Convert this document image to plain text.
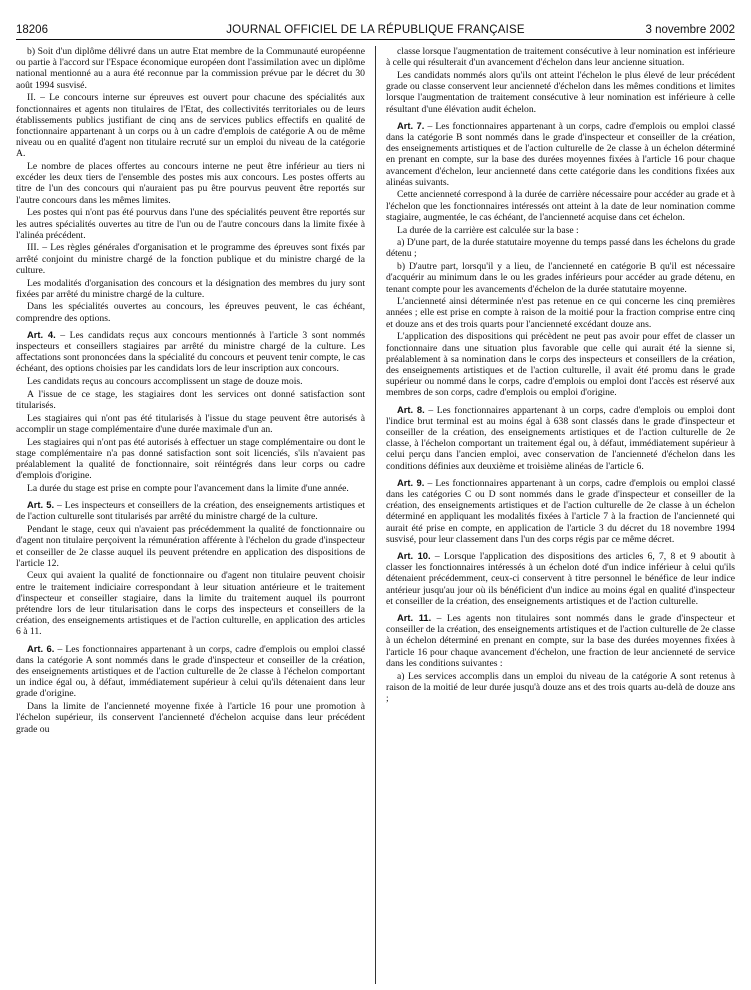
18206	JOURNAL OFFICIEL DE LA RÉPUBLIQUE FRANÇAISE	3 novembre 2002

b) Soit d'un diplôme délivré dans un autre Etat membre de la Communauté européenne ou partie à l'accord sur l'Espace économique européen dont l'assimilation avec un diplôme national mentionné au a aura été reconnue par la commission prévue par le décret du 30 août 1994 susvisé.

II. – Le concours interne sur épreuves est ouvert pour chacune des spécialités aux fonctionnaires et agents non titulaires de l'Etat, des collectivités territoriales ou de leurs établissements publics justifiant de cinq ans de services publics effectifs en qualité de fonctionnaire appartenant à un corps ou à un cadre d'emplois de catégorie A ou de même niveau ou en qualité d'agent non titulaire recruté sur un emploi du niveau de la catégorie A.

Le nombre de places offertes au concours interne ne peut être inférieur au tiers ni excéder les deux tiers de l'ensemble des postes mis aux concours. Les postes offerts au titre de l'un des concours qui n'auraient pas pu être pourvus peuvent être reportés sur l'autre concours dans les mêmes limites.

Les postes qui n'ont pas été pourvus dans l'une des spécialités peuvent être reportés sur les autres spécialités ouvertes au titre de l'un ou de l'autre concours dans la limite fixée à l'alinéa précédent.

III. – Les règles générales d'organisation et le programme des épreuves sont fixés par arrêté conjoint du ministre chargé de la fonction publique et du ministre chargé de la culture.

Les modalités d'organisation des concours et la désignation des membres du jury sont fixées par arrêté du ministre chargé de la culture.

Dans les spécialités ouvertes au concours, les épreuves peuvent, le cas échéant, comprendre des options.

Art. 4. – Les candidats reçus aux concours mentionnés à l'article 3 sont nommés inspecteurs et conseillers stagiaires par arrêté du ministre chargé de la culture. Les affectations sont prononcées dans la spécialité du concours et peuvent tenir compte, le cas échéant, des options choisies par les candidats lors de leur inscription aux concours.

Les candidats reçus au concours accomplissent un stage de douze mois.

A l'issue de ce stage, les stagiaires dont les services ont donné satisfaction sont titularisés.

Les stagiaires qui n'ont pas été titularisés à l'issue du stage peuvent être autorisés à accomplir un stage complémentaire d'une durée maximale d'un an.

Les stagiaires qui n'ont pas été autorisés à effectuer un stage complémentaire ou dont le stage complémentaire n'a pas donné satisfaction sont soit licenciés, s'ils n'avaient pas préalablement la qualité de fonctionnaire, soit réintégrés dans leur corps ou cadre d'emplois d'origine.

La durée du stage est prise en compte pour l'avancement dans la limite d'une année.

Art. 5. – Les inspecteurs et conseillers de la création, des enseignements artistiques et de l'action culturelle sont titularisés par arrêté du ministre chargé de la culture.

Pendant le stage, ceux qui n'avaient pas précédemment la qualité de fonctionnaire ou d'agent non titulaire perçoivent la rémunération afférente à l'échelon du grade d'inspecteur et conseiller de 2e classe auquel ils peuvent prétendre en application des dispositions de l'article 12.

Ceux qui avaient la qualité de fonctionnaire ou d'agent non titulaire peuvent choisir entre le traitement indiciaire correspondant à leur situation antérieure et le traitement d'inspecteur et conseiller stagiaire, dans la limite du traitement auquel ils pourront prétendre lors de leur titularisation dans le corps des inspecteurs et conseillers de la création, des enseignements artistiques et de l'action culturelle, en application des articles 6 à 11.

Art. 6. – Les fonctionnaires appartenant à un corps, cadre d'emplois ou emploi classé dans la catégorie A sont nommés dans le grade d'inspecteur et conseiller de la création, des enseignements artistiques et de l'action culturelle de 2e classe à l'échelon comportant un indice égal ou, à défaut, immédiatement supérieur à celui qu'ils détenaient dans leur grade d'origine.

Dans la limite de l'ancienneté moyenne fixée à l'article 16 pour une promotion à l'échelon supérieur, ils conservent l'ancienneté d'échelon acquise dans leur précédent grade ou

classe lorsque l'augmentation de traitement consécutive à leur nomination est inférieure à celle qui résulterait d'un avancement d'échelon dans leur ancienne situation.

Les candidats nommés alors qu'ils ont atteint l'échelon le plus élevé de leur précédent grade ou classe conservent leur ancienneté d'échelon dans les mêmes conditions et limites lorsque l'augmentation de traitement consécutive à leur nomination est inférieure à celle résultant d'une élévation audit échelon.

Art. 7. – Les fonctionnaires appartenant à un corps, cadre d'emplois ou emploi classé dans la catégorie B sont nommés dans le grade d'inspecteur et conseiller de la création, des enseignements artistiques et de l'action culturelle de 2e classe à un échelon déterminé en prenant en compte, sur la base des durées moyennes fixées à l'article 16 pour chaque avancement d'échelon, leur ancienneté dans cette catégorie dans les conditions fixées aux alinéas suivants.

Cette ancienneté correspond à la durée de carrière nécessaire pour accéder au grade et à l'échelon que les fonctionnaires intéressés ont atteint à la date de leur nomination comme stagiaire, augmentée, le cas échéant, de l'ancienneté acquise dans cet échelon.

La durée de la carrière est calculée sur la base :

a) D'une part, de la durée statutaire moyenne du temps passé dans les échelons du grade détenu ;

b) D'autre part, lorsqu'il y a lieu, de l'ancienneté en catégorie B qu'il est nécessaire d'acquérir au minimum dans le ou les grades inférieurs pour accéder au grade détenu, en tenant compte pour les avancements d'échelon de la durée statutaire moyenne.

L'ancienneté ainsi déterminée n'est pas retenue en ce qui concerne les cinq premières années ; elle est prise en compte à raison de la moitié pour la fraction comprise entre cinq et douze ans et des trois quarts pour l'ancienneté excédant douze ans.

L'application des dispositions qui précèdent ne peut pas avoir pour effet de classer un fonctionnaire dans une situation plus favorable que celle qui aurait été la sienne si, préalablement à sa nomination dans le corps des inspecteurs et conseillers de la création, des enseignements artistiques et de l'action culturelle, il avait été promu dans le grade supérieur ou nommé dans le corps, cadre d'emplois ou emploi dont l'accès est réservé aux membres de son corps, cadre d'emplois ou emploi d'origine.

Art. 8. – Les fonctionnaires appartenant à un corps, cadre d'emplois ou emploi dont l'indice brut terminal est au moins égal à 638 sont classés dans le grade d'inspecteur et conseiller de la création, des enseignements artistiques et de l'action culturelle de 2e classe, à l'échelon comportant un traitement égal ou, à défaut, immédiatement supérieur à celui perçu dans l'ancien emploi, avec conservation de l'ancienneté d'échelon dans les conditions définies aux deuxième et troisième alinéas de l'article 6.

Art. 9. – Les fonctionnaires appartenant à un corps, cadre d'emplois ou emploi classé dans les catégories C ou D sont nommés dans le grade d'inspecteur et conseiller de la création, des enseignements artistiques et de l'action culturelle de 2e classe à un échelon déterminé en appliquant les modalités fixées à l'article 7 à la fraction de l'ancienneté qui aurait été prise en compte, en application de l'article 3 du décret du 18 novembre 1994 susvisé, pour leur classement dans l'un des corps régis par ce même décret.

Art. 10. – Lorsque l'application des dispositions des articles 6, 7, 8 et 9 aboutit à classer les fonctionnaires intéressés à un échelon doté d'un indice inférieur à celui qu'ils détenaient précédemment, ceux-ci conservent à titre personnel le bénéfice de leur indice antérieur jusqu'au jour où ils bénéficient d'un indice au moins égal en qualité d'inspecteur et conseiller de la création, des enseignements artistiques et de l'action culturelle.

Art. 11. – Les agents non titulaires sont nommés dans le grade d'inspecteur et conseiller de la création, des enseignements artistiques et de l'action culturelle de 2e classe à un échelon déterminé en prenant en compte, sur la base des durées moyennes fixées à l'article 16 pour chaque avancement d'échelon, une fraction de leur ancienneté de service dans les conditions suivantes :

a) Les services accomplis dans un emploi du niveau de la catégorie A sont retenus à raison de la moitié de leur durée jusqu'à douze ans et des trois quarts au-delà de douze ans ;
